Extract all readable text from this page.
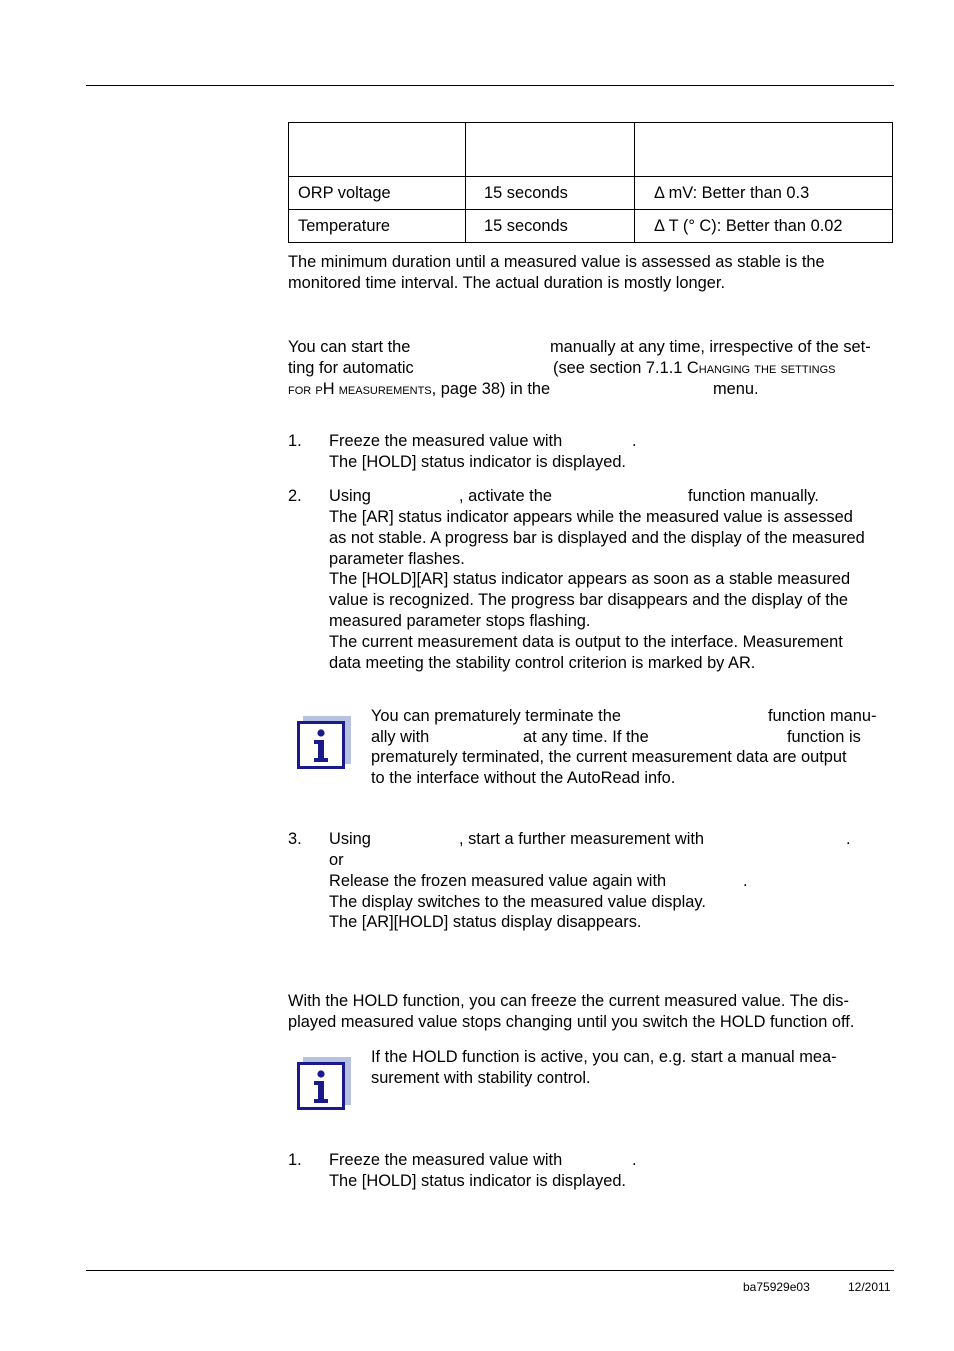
ORP voltage	15 seconds	Δ mV: Better than 0.3
Temperature	15 seconds	Δ T (° C): Better than 0.02
The minimum duration until a measured value is assessed as stable is the
monitored time interval. The actual duration is mostly longer.
You can start the	manually at any time, irrespective of the set-
ting for automatic	(see section 7.1.1 Changing the settings
for pH measurements, page 38) in the	menu.
1. Freeze the measured value with	.
The [HOLD] status indicator is displayed.
2. Using	, activate the	function manually.
The [AR] status indicator appears while the measured value is assessed
as not stable. A progress bar is displayed and the display of the measured
parameter flashes.
The [HOLD][AR] status indicator appears as soon as a stable measured
value is recognized. The progress bar disappears and the display of the
measured parameter stops flashing.
The current measurement data is output to the interface. Measurement
data meeting the stability control criterion is marked by AR.
You can prematurely terminate the	function manu-
ally with	at any time. If the	function is
prematurely terminated, the current measurement data are output
to the interface without the AutoRead info.
3. Using	, start a further measurement with	.
or
Release the frozen measured value again with	.
The display switches to the measured value display.
The [AR][HOLD] status display disappears.
With the HOLD function, you can freeze the current measured value. The dis-
played measured value stops changing until you switch the HOLD function off.
If the HOLD function is active, you can, e.g. start a manual mea-
surement with stability control.
1. Freeze the measured value with	.
The [HOLD] status indicator is displayed.
ba75929e03	12/2011
